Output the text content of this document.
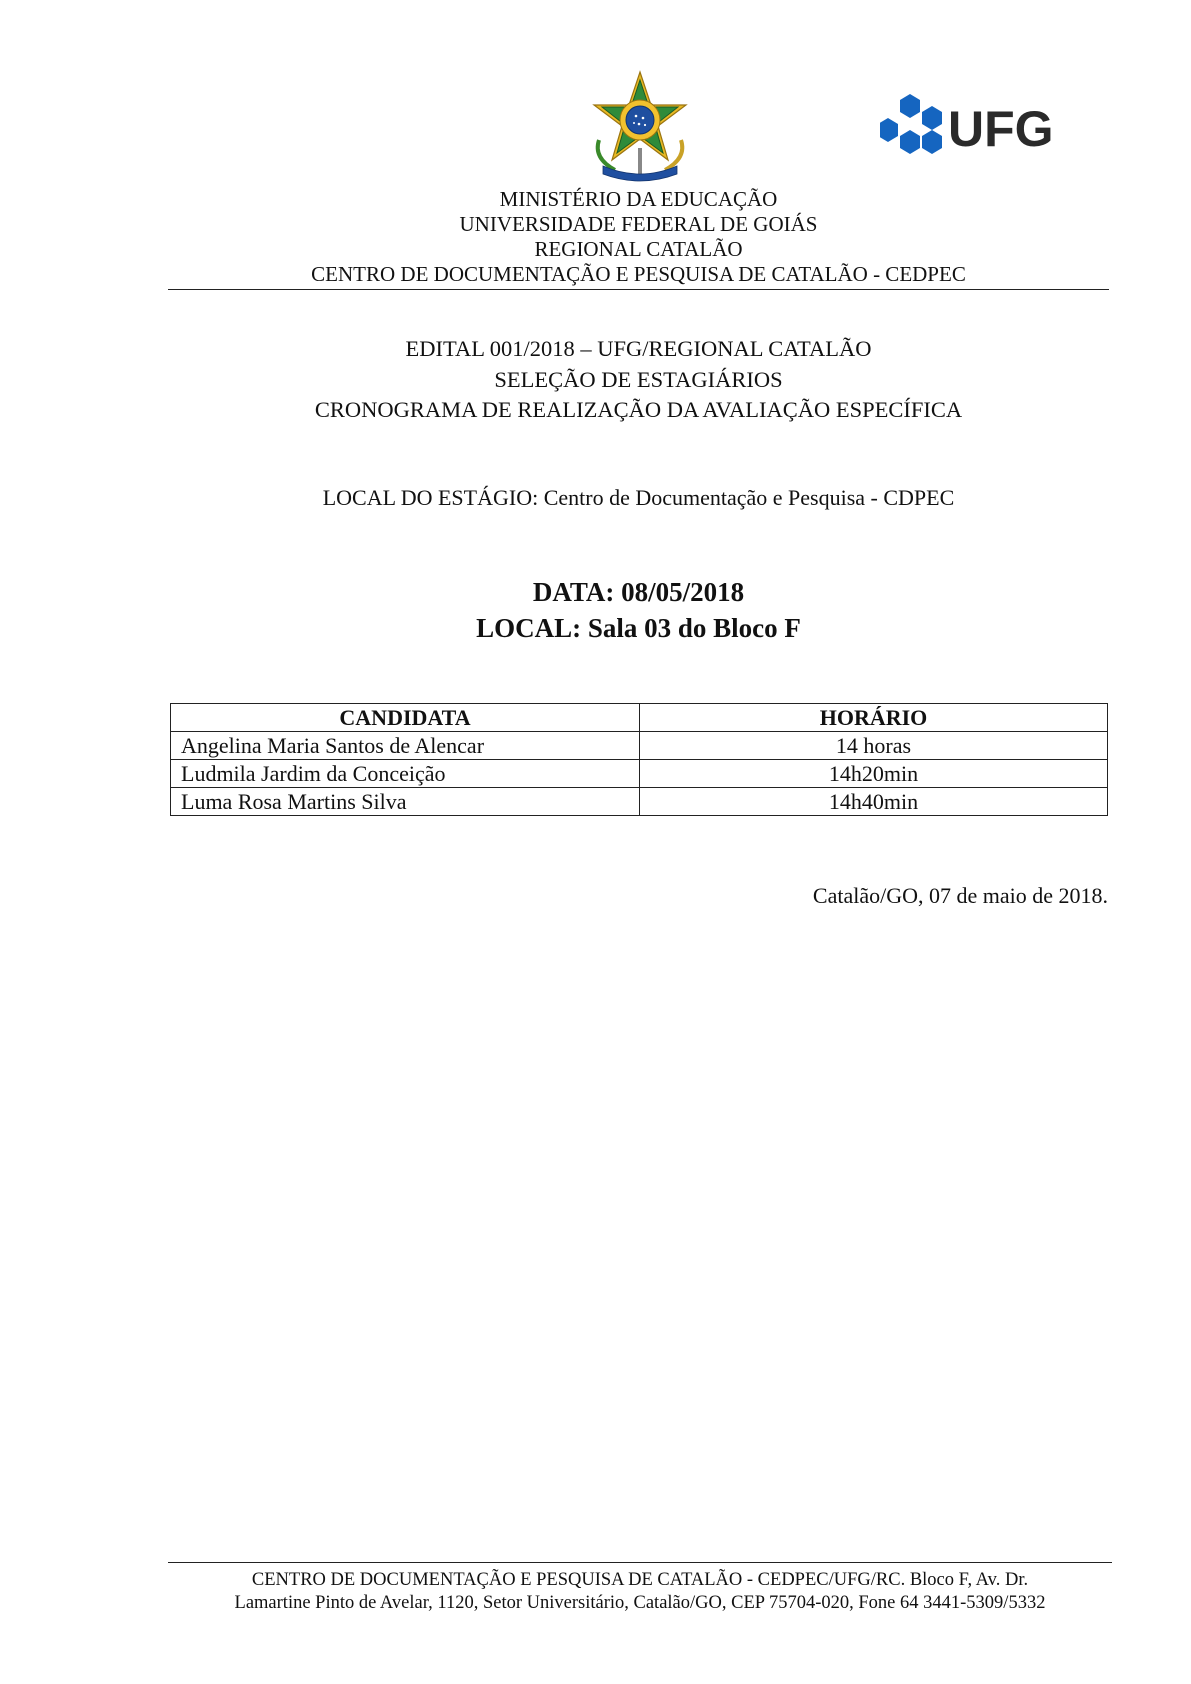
UFG
MINISTÉRIO DA EDUCAÇÃO
UNIVERSIDADE FEDERAL DE GOIÁS
REGIONAL CATALÃO
CENTRO DE DOCUMENTAÇÃO E PESQUISA DE CATALÃO - CEDPEC
EDITAL 001/2018 – UFG/REGIONAL CATALÃO
SELEÇÃO DE ESTAGIÁRIOS
CRONOGRAMA DE REALIZAÇÃO DA AVALIAÇÃO ESPECÍFICA
LOCAL DO ESTÁGIO: Centro de Documentação e Pesquisa - CDPEC
DATA: 08/05/2018
LOCAL: Sala 03 do Bloco F
CANDIDATA	HORÁRIO
Angelina Maria Santos de Alencar	14 horas
Ludmila Jardim da Conceição	14h20min
Luma Rosa Martins Silva	14h40min
Catalão/GO, 07 de maio de 2018.
CENTRO DE DOCUMENTAÇÃO E PESQUISA DE CATALÃO - CEDPEC/UFG/RC. Bloco F, Av. Dr.
Lamartine Pinto de Avelar, 1120, Setor Universitário, Catalão/GO, CEP 75704-020, Fone 64 3441-5309/5332
